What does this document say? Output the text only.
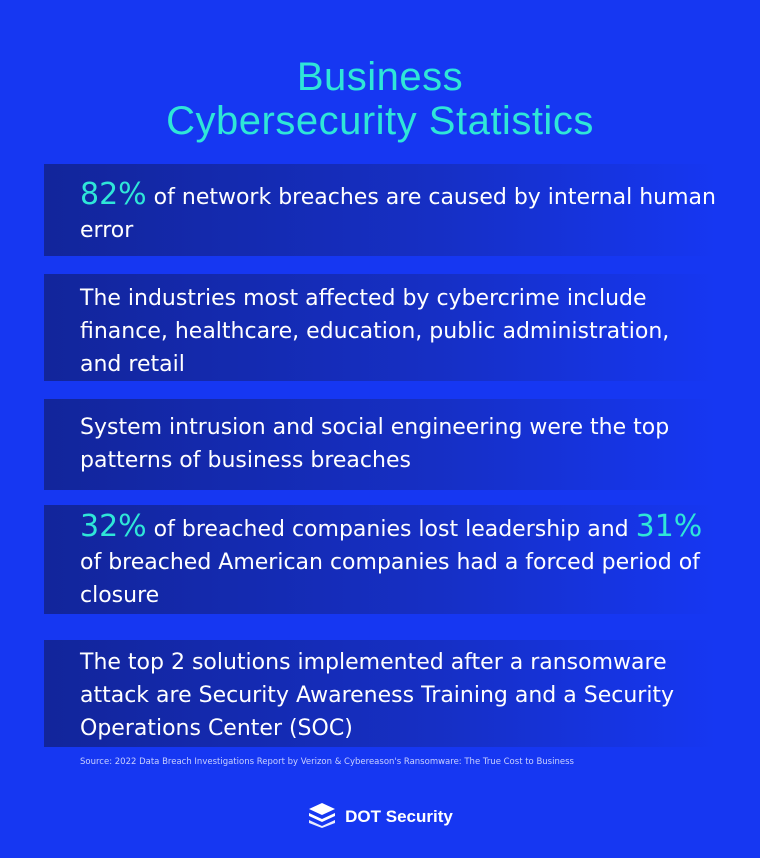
Business
Cybersecurity Statistics

82% of network breaches are caused by internal human error

The industries most affected by cybercrime include finance, healthcare, education, public administration, and retail

System intrusion and social engineering were the top patterns of business breaches

32% of breached companies lost leadership and 31% of breached American companies had a forced period of closure

The top 2 solutions implemented after a ransomware attack are Security Awareness Training and a Security Operations Center (SOC)

Source: 2022 Data Breach Investigations Report by Verizon & Cybereason's Ransomware: The True Cost to Business
DOT Security
